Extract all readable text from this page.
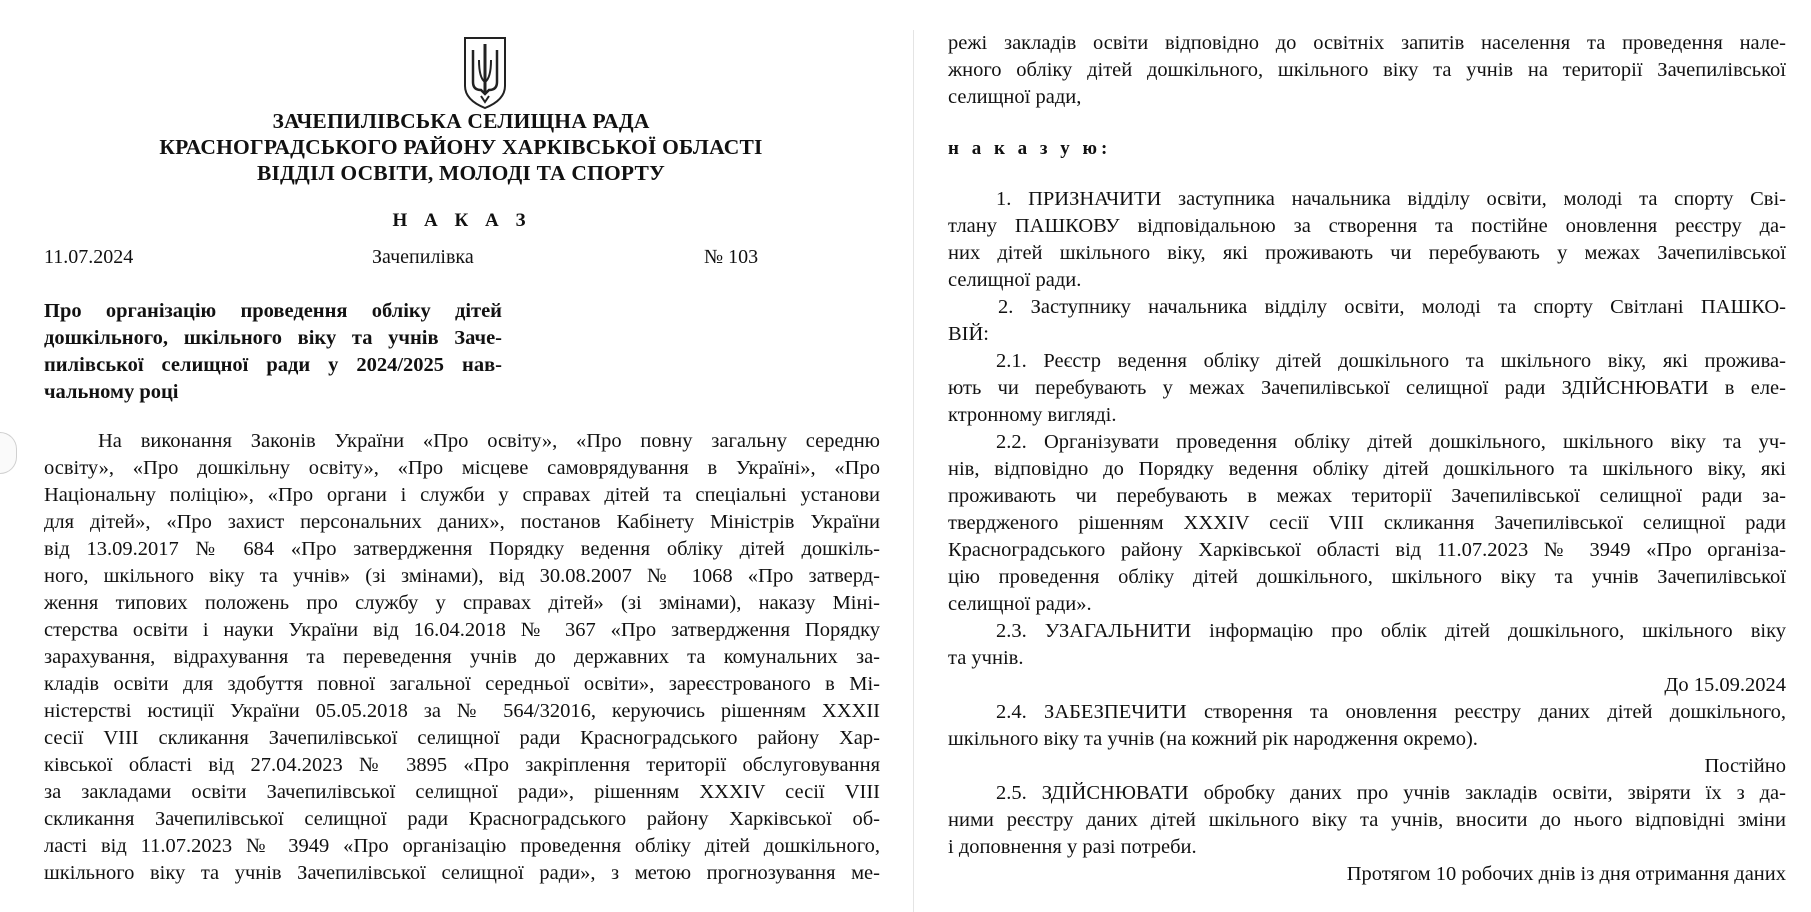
ЗАЧЕПИЛІВСЬКА СЕЛИЩНА РАДА
КРАСНОГРАДСЬКОГО РАЙОНУ ХАРКІВСЬКОЇ ОБЛАСТІ
ВІДДІЛ ОСВІТИ, МОЛОДІ ТА СПОРТУ
Н А К А З
11.07.2024	Зачепилівка	№ 103
Про організацію проведення обліку дітей
дошкільного, шкільного віку та учнів Заче-
пилівської селищної ради у 2024/2025 нав-
чальному році
На виконання Законів України «Про освіту», «Про повну загальну середню
освіту», «Про дошкільну освіту», «Про місцеве самоврядування в Україні», «Про
Національну поліцію», «Про органи і служби у справах дітей та спеціальні установи
для дітей», «Про захист персональних даних», постанов Кабінету Міністрів України
від 13.09.2017 № 684 «Про затвердження Порядку ведення обліку дітей дошкіль-
ного, шкільного віку та учнів» (зі змінами), від 30.08.2007 № 1068 «Про затверд-
ження типових положень про службу у справах дітей» (зі змінами), наказу Міні-
стерства освіти і науки України від 16.04.2018 № 367 «Про затвердження Порядку
зарахування, відрахування та переведення учнів до державних та комунальних за-
кладів освіти для здобуття повної загальної середньої освіти», зареєстрованого в Мі-
ністерстві юстиції України 05.05.2018 за № 564/32016, керуючись рішенням XXXII
сесії VIII скликання Зачепилівської селищної ради Красноградського району Хар-
ківської області від 27.04.2023 № 3895 «Про закріплення території обслуговування
за закладами освіти Зачепилівської селищної ради», рішенням XXXIV сесії VIII
скликання Зачепилівської селищної ради Красноградського району Харківської об-
ласті від 11.07.2023 № 3949 «Про організацію проведення обліку дітей дошкільного,
шкільного віку та учнів Зачепилівської селищної ради», з метою прогнозування ме-
режі закладів освіти відповідно до освітніх запитів населення та проведення нале-
жного обліку дітей дошкільного, шкільного віку та учнів на території Зачепилівської
селищної ради,
н а к а з у ю:
1. ПРИЗНАЧИТИ заступника начальника відділу освіти, молоді та спорту Сві-
тлану ПАШКОВУ відповідальною за створення та постійне оновлення реєстру да-
них дітей шкільного віку, які проживають чи перебувають у межах Зачепилівської
селищної ради.
2. Заступнику начальника відділу освіти, молоді та спорту Світлані ПАШКО-
ВІЙ:
2.1. Реєстр ведення обліку дітей дошкільного та шкільного віку, які прожива-
ють чи перебувають у межах Зачепилівської селищної ради ЗДІЙСНЮВАТИ в еле-
ктронному вигляді.
2.2. Організувати проведення обліку дітей дошкільного, шкільного віку та уч-
нів, відповідно до Порядку ведення обліку дітей дошкільного та шкільного віку, які
проживають чи перебувають в межах території Зачепилівської селищної ради за-
твердженого рішенням XXXIV сесії VIII скликання Зачепилівської селищної ради
Красноградського району Харківської області від 11.07.2023 № 3949 «Про організа-
цію проведення обліку дітей дошкільного, шкільного віку та учнів Зачепилівської
селищної ради».
2.3. УЗАГАЛЬНИТИ інформацію про облік дітей дошкільного, шкільного віку
та учнів.
До 15.09.2024
2.4. ЗАБЕЗПЕЧИТИ створення та оновлення реєстру даних дітей дошкільного,
шкільного віку та учнів (на кожний рік народження окремо).
Постійно
2.5. ЗДІЙСНЮВАТИ обробку даних про учнів закладів освіти, звіряти їх з да-
ними реєстру даних дітей шкільного віку та учнів, вносити до нього відповідні зміни
і доповнення у разі потреби.
Протягом 10 робочих днів із дня отримання даних
